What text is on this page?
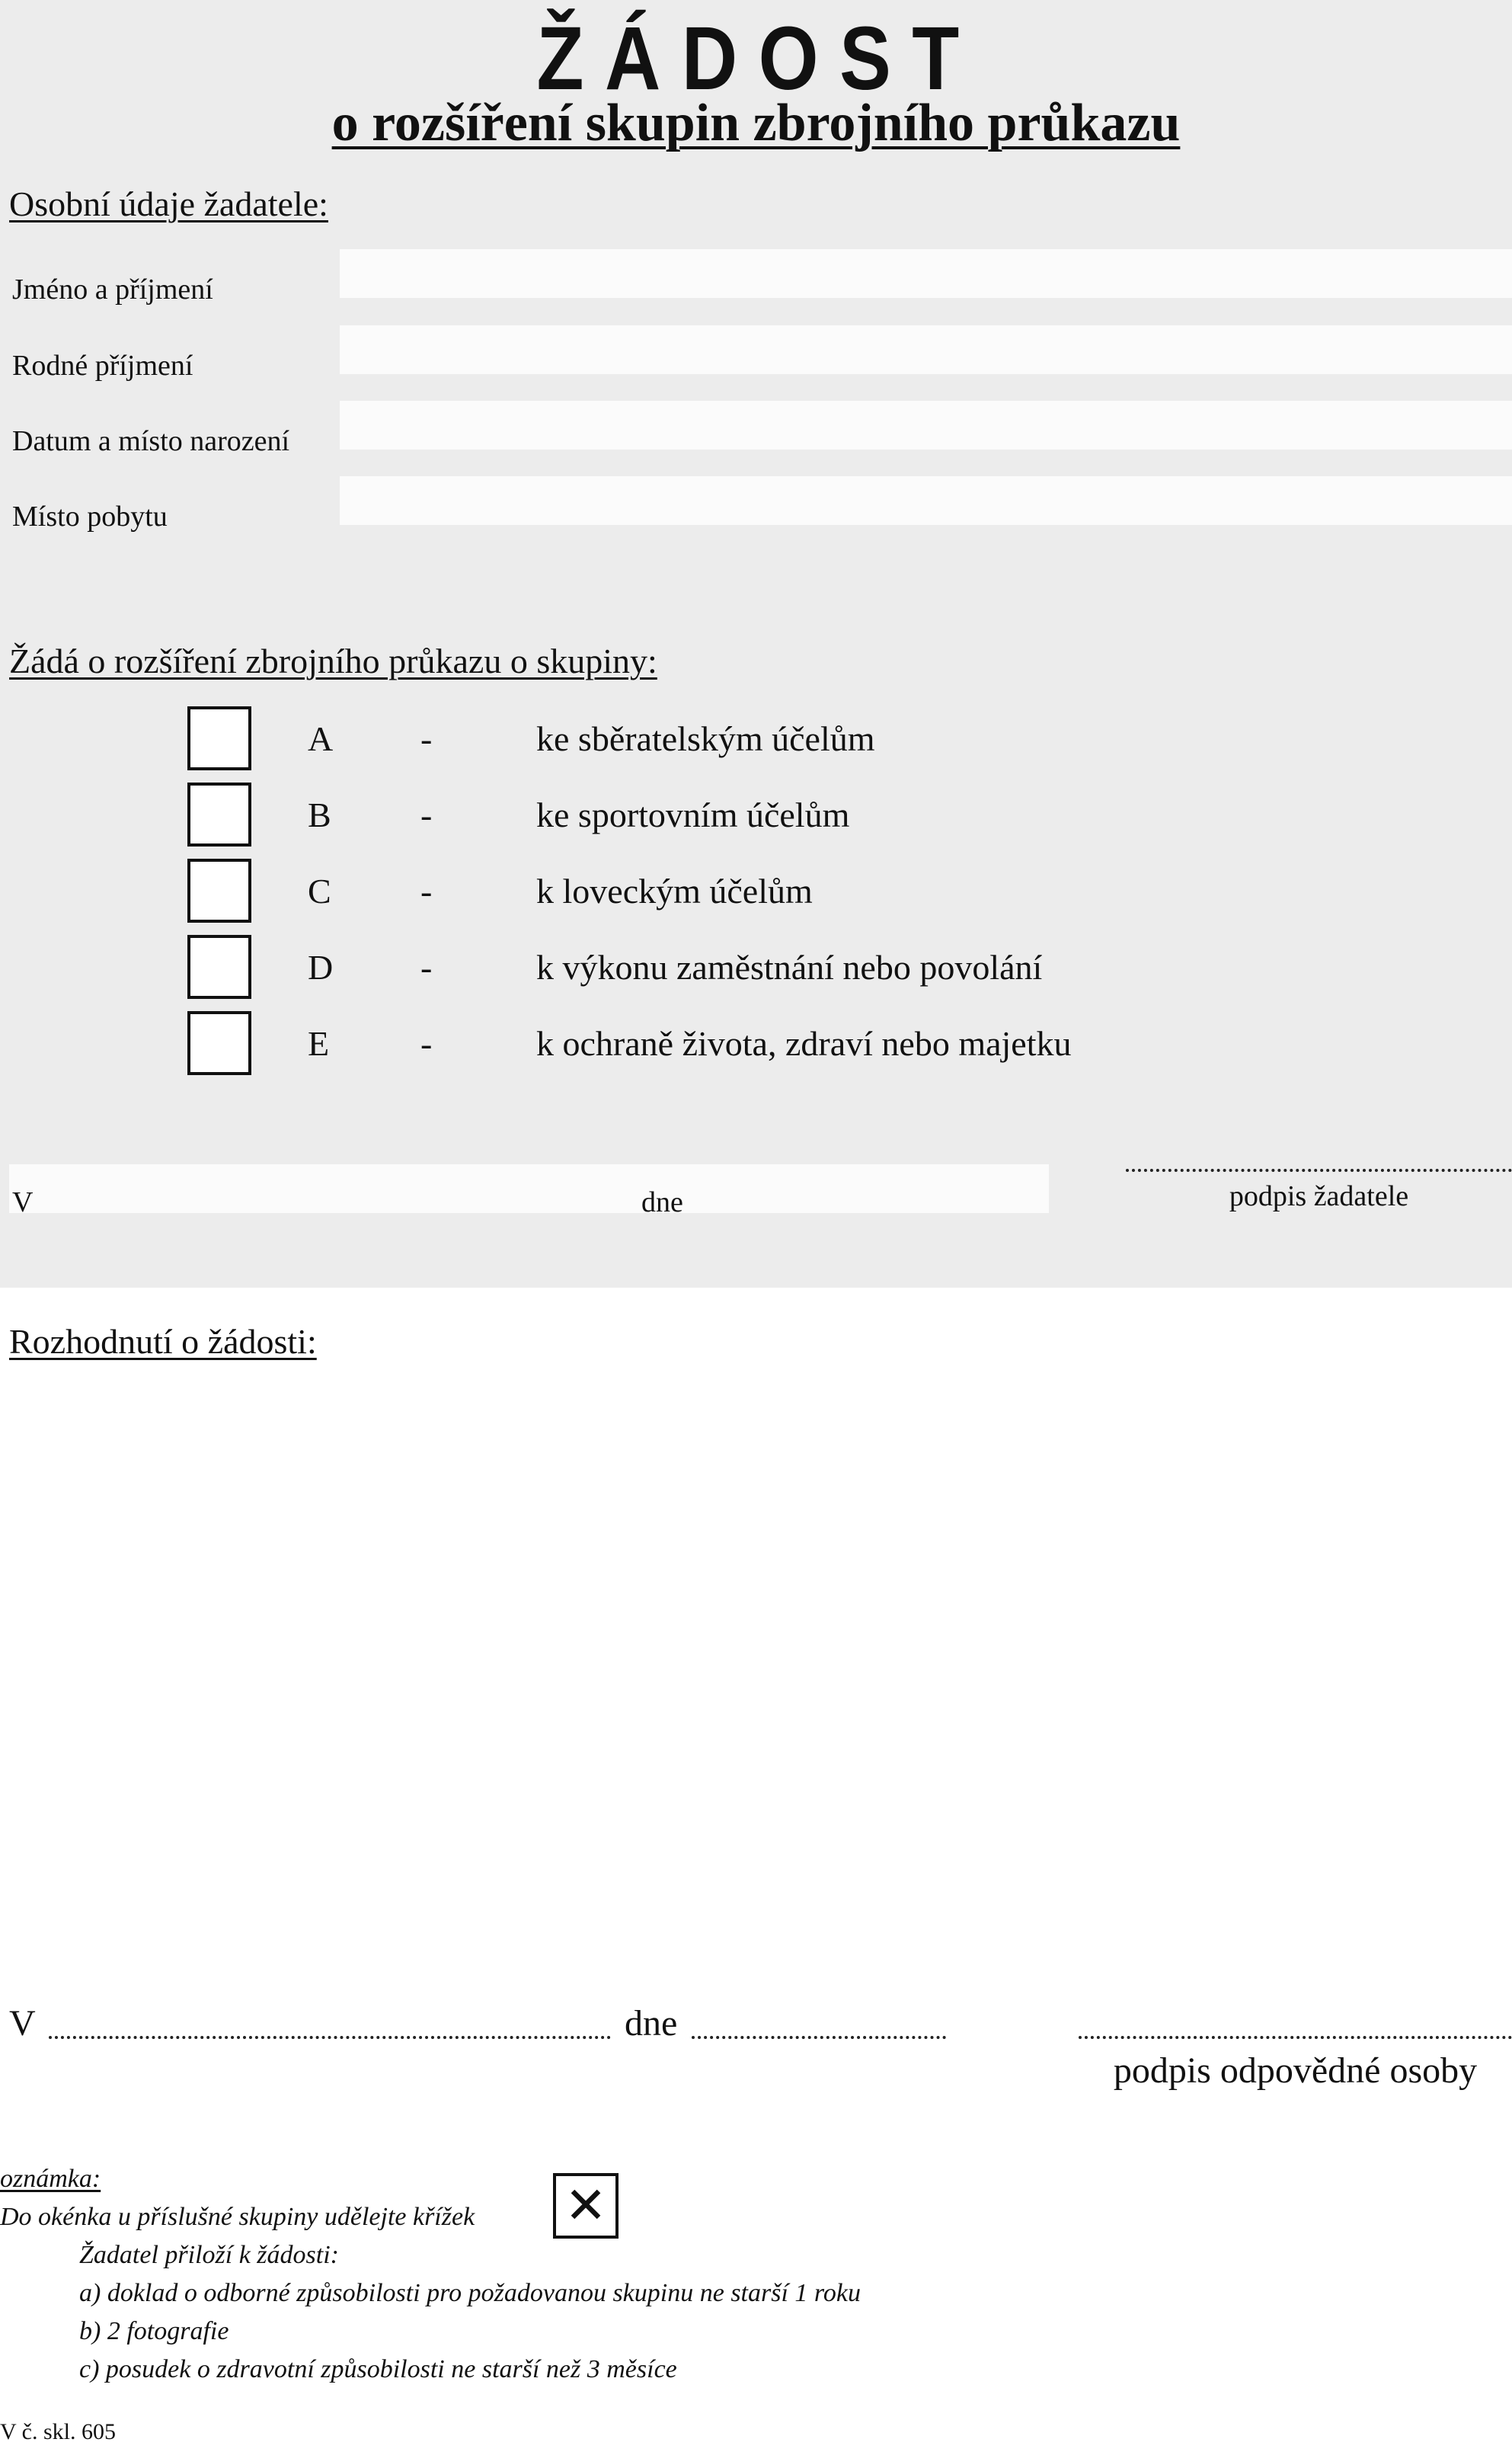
ŽÁDOST
o rozšíření skupin zbrojního průkazu
Osobní údaje žadatele:
Jméno a příjmení
Rodné příjmení
Datum a místo narození
Místo pobytu
Žádá o rozšíření zbrojního průkazu o skupiny:
A -	ke sběratelským účelům
B	-	ke sportovním účelům
C	-	k loveckým účelům
D -	k výkonu zaměstnání nebo povolání
E	-	k ochraně života, zdraví nebo majetku
V	dne	podpis žadatele
Rozhodnutí o žádosti:
V	dne
podpis odpovědné osoby
oznámka:
Do okénka u příslušné skupiny udělejte křížek ✕
Žadatel přiloží k žádosti:
a) doklad o odborné způsobilosti pro požadovanou skupinu ne starší 1 roku
b) 2 fotografie
c) posudek o zdravotní způsobilosti ne starší než 3 měsíce
V č. skl. 605
